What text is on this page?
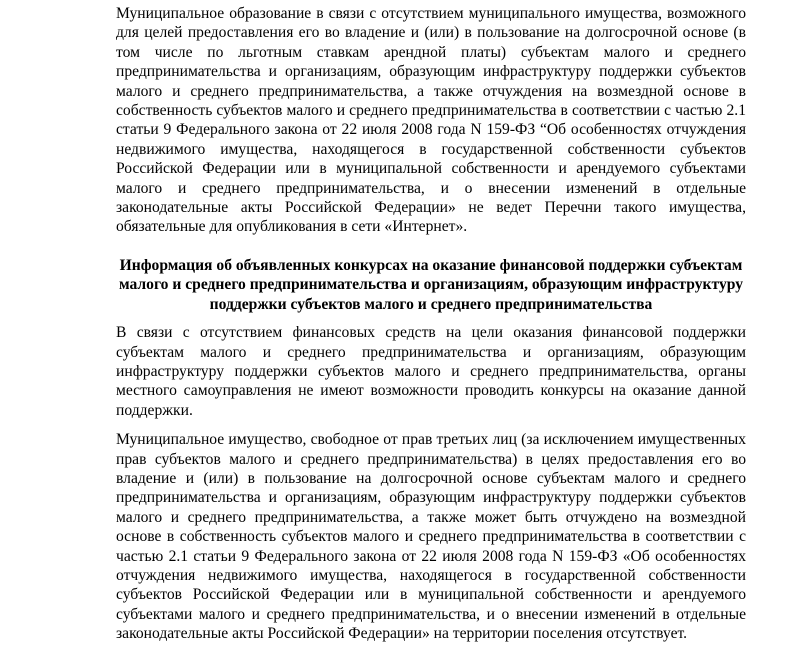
Муниципальное образование в связи с отсутствием муниципального имущества, возможного для целей предоставления его во владение и (или) в пользование на долгосрочной основе (в том числе по льготным ставкам арендной платы) субъектам малого и среднего предпринимательства и организациям, образующим инфраструктуру поддержки субъектов малого и среднего предпринимательства, а также отчуждения на возмездной основе в собственность субъектов малого и среднего предпринимательства в соответствии с частью 2.1 статьи 9 Федерального закона от 22 июля 2008 года N 159-ФЗ “Об особенностях отчуждения недвижимого имущества, находящегося в государственной собственности субъектов Российской Федерации или в муниципальной собственности и арендуемого субъектами малого и среднего предпринимательства, и о внесении изменений в отдельные законодательные акты Российской Федерации» не ведет Перечни такого имущества, обязательные для опубликования в сети «Интернет».

Информация об объявленных конкурсах на оказание финансовой поддержки субъектам малого и среднего предпринимательства и организациям, образующим инфраструктуру поддержки субъектов малого и среднего предпринимательства

В связи с отсутствием финансовых средств на цели оказания финансовой поддержки субъектам малого и среднего предпринимательства и организациям, образующим инфраструктуру поддержки субъектов малого и среднего предпринимательства, органы местного самоуправления не имеют возможности проводить конкурсы на оказание данной поддержки.

Муниципальное имущество, свободное от прав третьих лиц (за исключением имущественных прав субъектов малого и среднего предпринимательства) в целях предоставления его во владение и (или) в пользование на долгосрочной основе субъектам малого и среднего предпринимательства и организациям, образующим инфраструктуру поддержки субъектов малого и среднего предпринимательства, а также может быть отчуждено на возмездной основе в собственность субъектов малого и среднего предпринимательства в соответствии с частью 2.1 статьи 9 Федерального закона от 22 июля 2008 года N 159-ФЗ «Об особенностях отчуждения недвижимого имущества, находящегося в государственной собственности субъектов Российской Федерации или в муниципальной собственности и арендуемого субъектами малого и среднего предпринимательства, и о внесении изменений в отдельные законодательные акты Российской Федерации» на территории поселения отсутствует.
